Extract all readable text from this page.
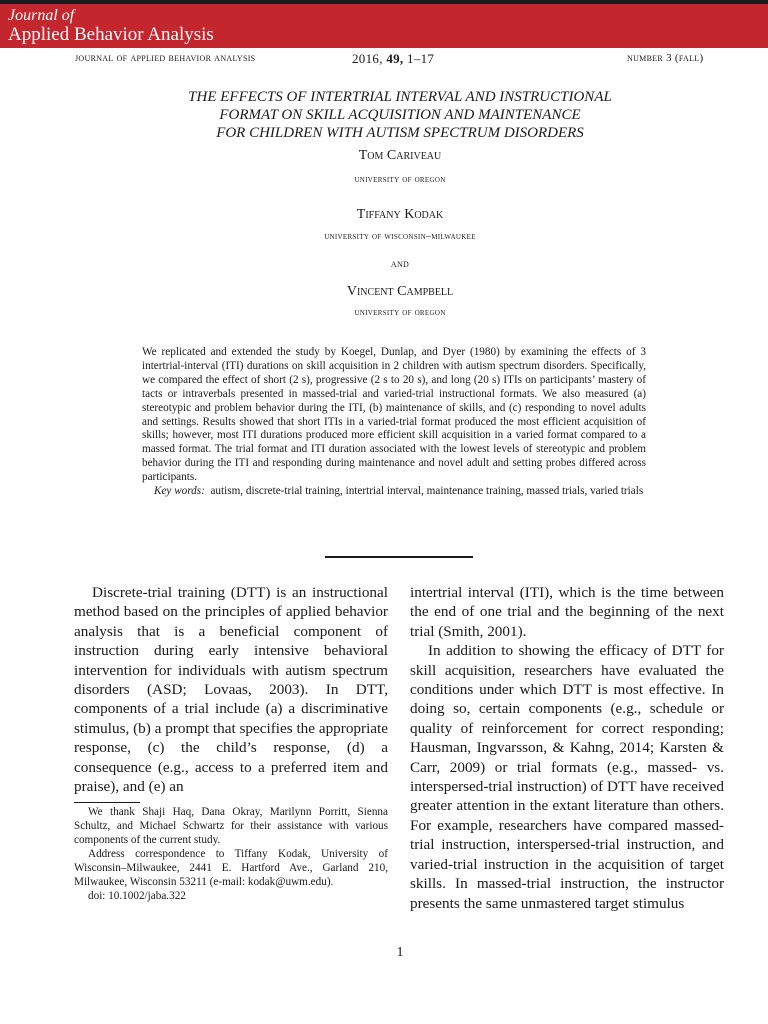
Journal of
Applied Behavior Analysis
journal of applied behavior analysis	2016, 49, 1–17	number 3 (fall)
THE EFFECTS OF INTERTRIAL INTERVAL AND INSTRUCTIONAL
FORMAT ON SKILL ACQUISITION AND MAINTENANCE
FOR CHILDREN WITH AUTISM SPECTRUM DISORDERS
Tom Cariveau
university of oregon
Tiffany Kodak
university of wisconsin–milwaukee
and
Vincent Campbell
university of oregon

We replicated and extended the study by Koegel, Dunlap, and Dyer (1980) by examining the effects of 3 intertrial-interval (ITI) durations on skill acquisition in 2 children with autism spectrum disorders. Specifically, we compared the effect of short (2 s), progressive (2 s to 20 s), and long (20 s) ITIs on participants’ mastery of tacts or intraverbals presented in massed-trial and varied-trial instructional formats. We also measured (a) stereotypic and problem behavior during the ITI, (b) maintenance of skills, and (c) responding to novel adults and settings. Results showed that short ITIs in a varied-trial format produced the most efficient acquisition of skills; however, most ITI durations produced more efficient skill acquisition in a varied format compared to a massed format. The trial format and ITI duration associated with the lowest levels of stereotypic and problem behavior during the ITI and responding during maintenance and novel adult and setting probes differed across participants.

Key words: autism, discrete-trial training, intertrial interval, maintenance training, massed trials, varied trials

Discrete-trial training (DTT) is an instructional method based on the principles of applied behavior analysis that is a beneficial component of instruction during early intensive behavioral intervention for individuals with autism spectrum disorders (ASD; Lovaas, 2003). In DTT, components of a trial include (a) a discriminative stimulus, (b) a prompt that specifies the appropriate response, (c) the child’s response, (d) a consequence (e.g., access to a preferred item and praise), and (e) an

intertrial interval (ITI), which is the time between the end of one trial and the beginning of the next trial (Smith, 2001).

In addition to showing the efficacy of DTT for skill acquisition, researchers have evaluated the conditions under which DTT is most effective. In doing so, certain components (e.g., schedule or quality of reinforcement for correct responding; Hausman, Ingvarsson, & Kahng, 2014; Karsten & Carr, 2009) or trial formats (e.g., massed- vs. interspersed-trial instruction) of DTT have received greater attention in the extant literature than others. For example, researchers have compared massed-trial instruction, interspersed-trial instruction, and varied-trial instruction in the acquisition of target skills. In massed-trial instruction, the instructor presents the same unmastered target stimulus

We thank Shaji Haq, Dana Okray, Marilynn Porritt, Sienna Schultz, and Michael Schwartz for their assistance with various components of the current study.

Address correspondence to Tiffany Kodak, University of Wisconsin–Milwaukee, 2441 E. Hartford Ave., Garland 210, Milwaukee, Wisconsin 53211 (e-mail: kodak@uwm.edu).

doi: 10.1002/jaba.322

1
